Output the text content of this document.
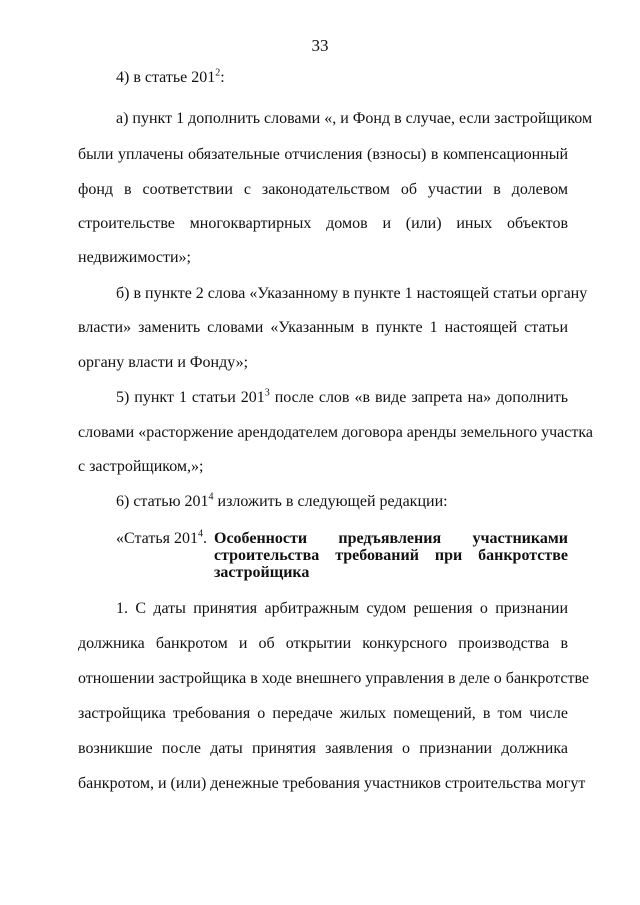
33
4) в статье $201^2$:
а) пункт 1 дополнить словами «, и Фонд в случае, если застройщиком
были уплачены обязательные отчисления (взносы) в компенсационный
фонд в соответствии с законодательством об участии в долевом
строительстве многоквартирных домов и (или) иных объектов
недвижимости»;
б) в пункте 2 слова «Указанному в пункте 1 настоящей статьи органу
власти» заменить словами «Указанным в пункте 1 настоящей статьи
органу власти и Фонду»;
5) пункт 1 статьи $201^3$ после слов «в виде запрета на» дополнить
словами «расторжение арендодателем договора аренды земельного участка
с застройщиком,»;
6) статью $201^4$ изложить в следующей редакции:
«Статья $201^4$. Особенности предъявления участниками
строительства требований при банкротстве
застройщика
1. С даты принятия арбитражным судом решения о признании
должника банкротом и об открытии конкурсного производства в
отношении застройщика в ходе внешнего управления в деле о банкротстве
застройщика требования о передаче жилых помещений, в том числе
возникшие после даты принятия заявления о признании должника
банкротом, и (или) денежные требования участников строительства могут
